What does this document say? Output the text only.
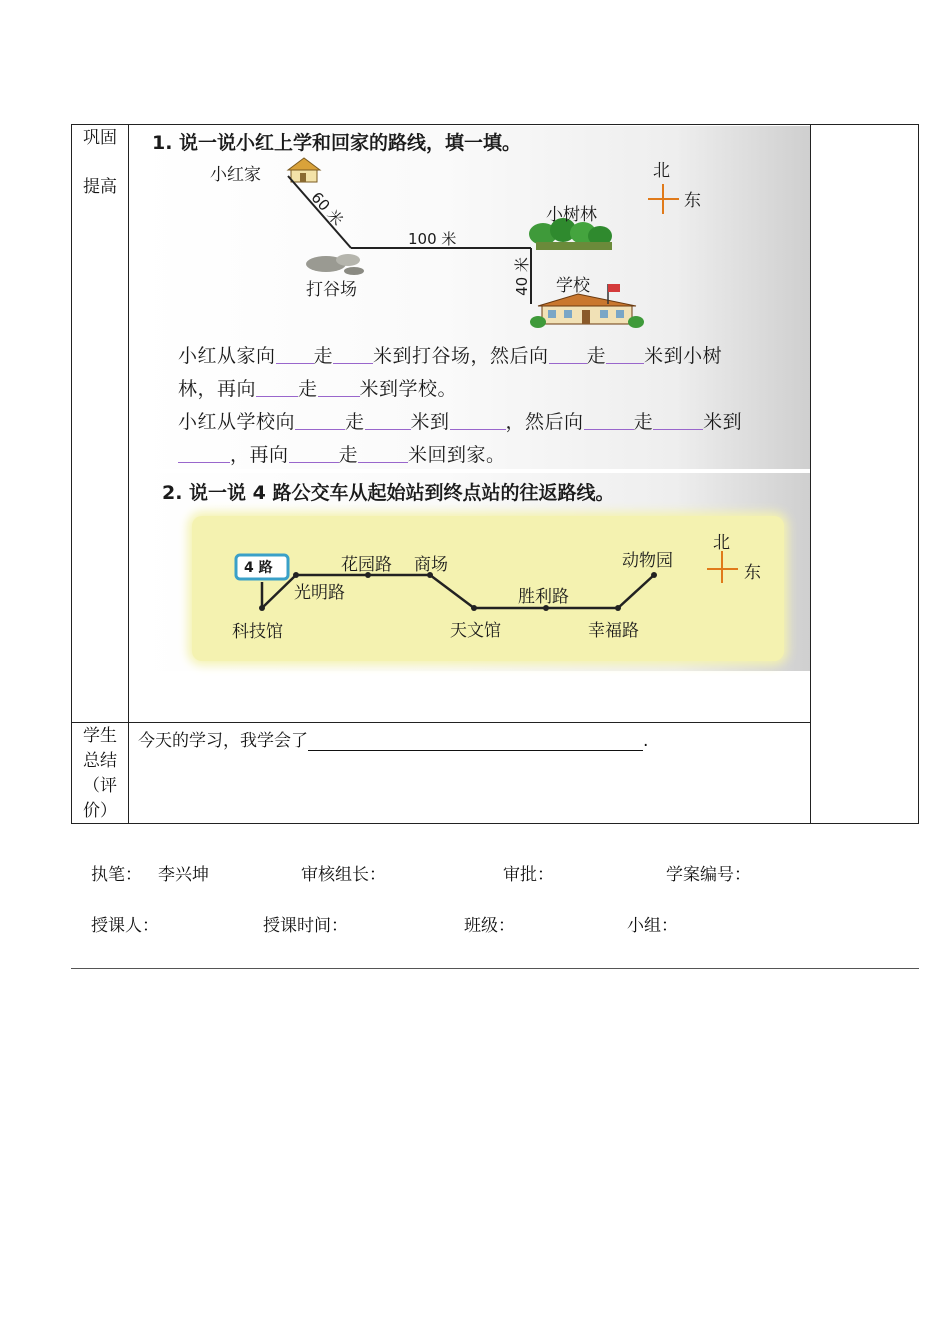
巩固
提高
学生
总结
（评
价）
今天的学习，我学会了	.
1. 说一说小红上学和回家的路线，填一填。
小红家
60 米
100 米
40 米
打谷场
小树林
学校
北
东
小红从家向 走 米到打谷场，然后向 走 米到小树
林，再向 走 米到学校。
小红从学校向	走 米到	，然后向	走	米到
，再向	走	米回到家。
2. 说一说 4 路公交车从起始站到终点站的往返路线。
4 路
科技馆
光明路
花园路 商场
天文馆
胜利路
幸福路
动物园
北
东
执笔： 李兴坤	审核组长：	审批：	学案编号：
授课人：	授课时间：	班级：	小组：
